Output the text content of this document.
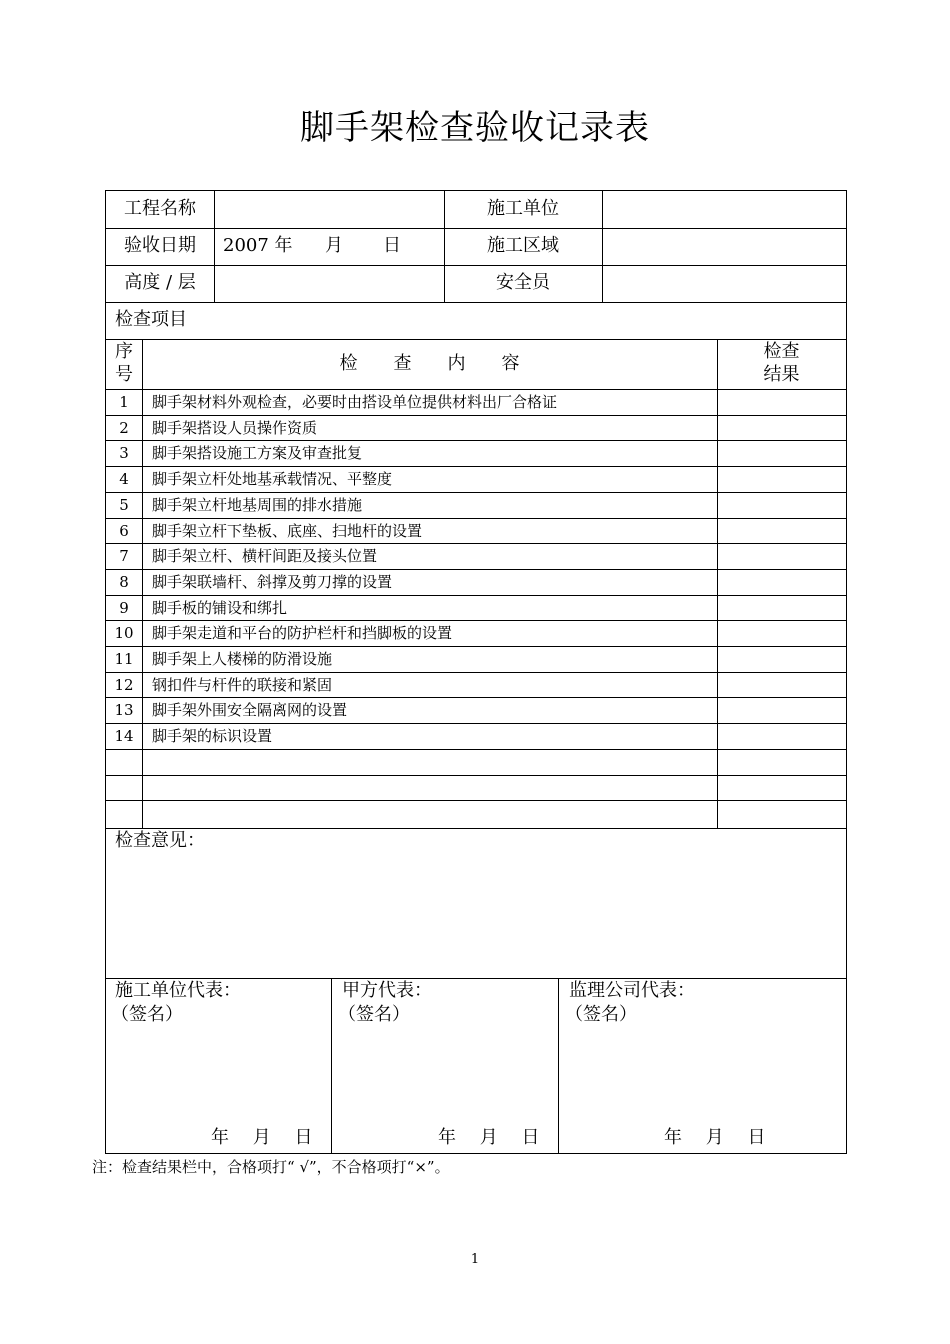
脚手架检查验收记录表
工程名称	施工单位
验收日期	2007 年 月 日	施工区域
高度 / 层	安全员
检查项目
序
号
检　　查　　内　　容
检查
结果
1	脚手架材料外观检查，必要时由搭设单位提供材料出厂合格证
2	脚手架搭设人员操作资质
3	脚手架搭设施工方案及审查批复
4	脚手架立杆处地基承载情况、平整度
5	脚手架立杆地基周围的排水措施
6	脚手架立杆下垫板、底座、扫地杆的设置
7	脚手架立杆、横杆间距及接头位置
8	脚手架联墙杆、斜撑及剪刀撑的设置
9	脚手板的铺设和绑扎
10	脚手架走道和平台的防护栏杆和挡脚板的设置
11	脚手架上人楼梯的防滑设施
12	钢扣件与杆件的联接和紧固
13	脚手架外围安全隔离网的设置
14	脚手架的标识设置
检查意见：
施工单位代表：
（签名）
年　 月　 日
甲方代表：
（签名）
年　 月　 日
监理公司代表：
（签名）
年　 月　 日
注：检查结果栏中，合格项打“ √”，不合格项打“×”。
1
